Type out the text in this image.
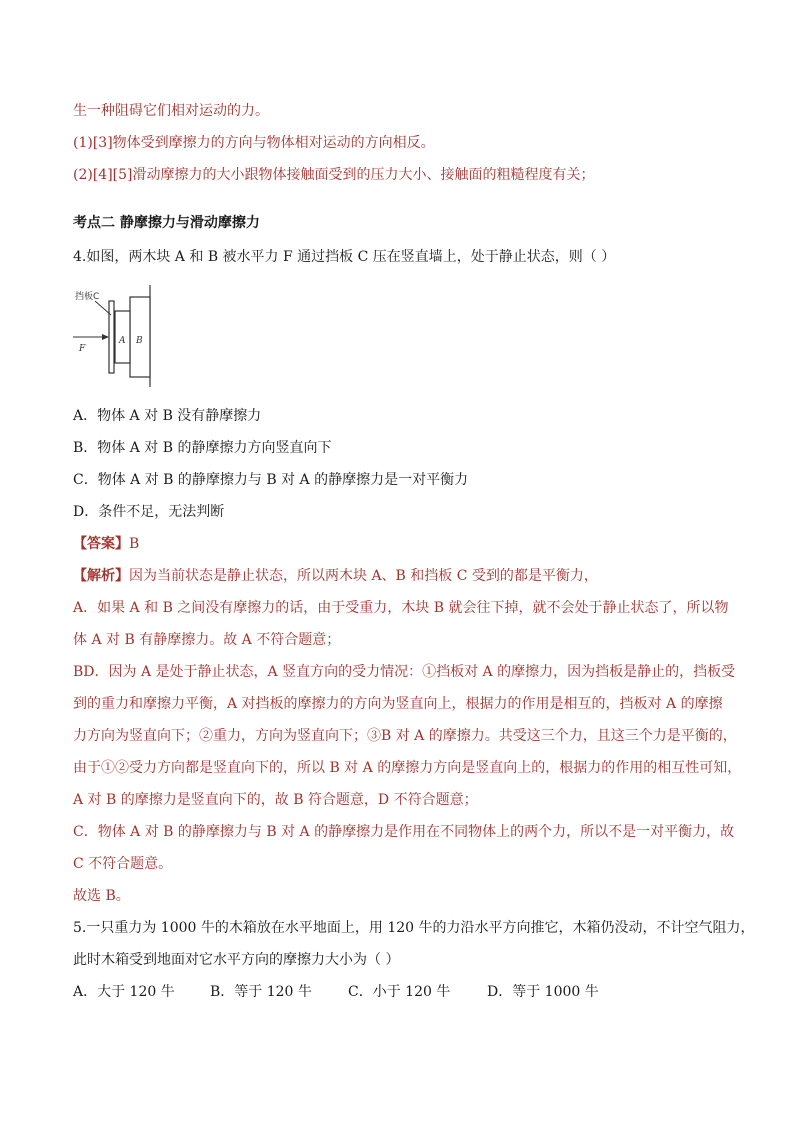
生一种阻碍它们相对运动的力。
(1)[3]物体受到摩擦力的方向与物体相对运动的方向相反。
(2)[4][5]滑动摩擦力的大小跟物体接触面受到的压力大小、接触面的粗糙程度有关；
考点二 静摩擦力与滑动摩擦力
4.如图，两木块 A 和 B 被水平力 F 通过挡板 C 压在竖直墙上，处于静止状态，则（ ）
挡板C
A B
F
A．物体 A 对 B 没有静摩擦力
B．物体 A 对 B 的静摩擦力方向竖直向下
C．物体 A 对 B 的静摩擦力与 B 对 A 的静摩擦力是一对平衡力
D．条件不足，无法判断
【答案】B
【解析】因为当前状态是静止状态，所以两木块 A、B 和挡板 C 受到的都是平衡力，
A．如果 A 和 B 之间没有摩擦力的话，由于受重力，木块 B 就会往下掉，就不会处于静止状态了，所以物
体 A 对 B 有静摩擦力。故 A 不符合题意；
BD．因为 A 是处于静止状态，A 竖直方向的受力情况：①挡板对 A 的摩擦力，因为挡板是静止的，挡板受
到的重力和摩擦力平衡，A 对挡板的摩擦力的方向为竖直向上，根据力的作用是相互的，挡板对 A 的摩擦
力方向为竖直向下；②重力，方向为竖直向下；③B 对 A 的摩擦力。共受这三个力，且这三个力是平衡的，
由于①②受力方向都是竖直向下的，所以 B 对 A 的摩擦力方向是竖直向上的，根据力的作用的相互性可知，
A 对 B 的摩擦力是竖直向下的，故 B 符合题意，D 不符合题意；
C．物体 A 对 B 的静摩擦力与 B 对 A 的静摩擦力是作用在不同物体上的两个力，所以不是一对平衡力，故
C 不符合题意。
故选 B。
5.一只重力为 1000 牛的木箱放在水平地面上，用 120 牛的力沿水平方向推它，木箱仍没动，不计空气阻力，
此时木箱受到地面对它水平方向的摩擦力大小为（ ）
A．大于 120 牛	B．等于 120 牛	C．小于 120 牛	D．等于 1000 牛
